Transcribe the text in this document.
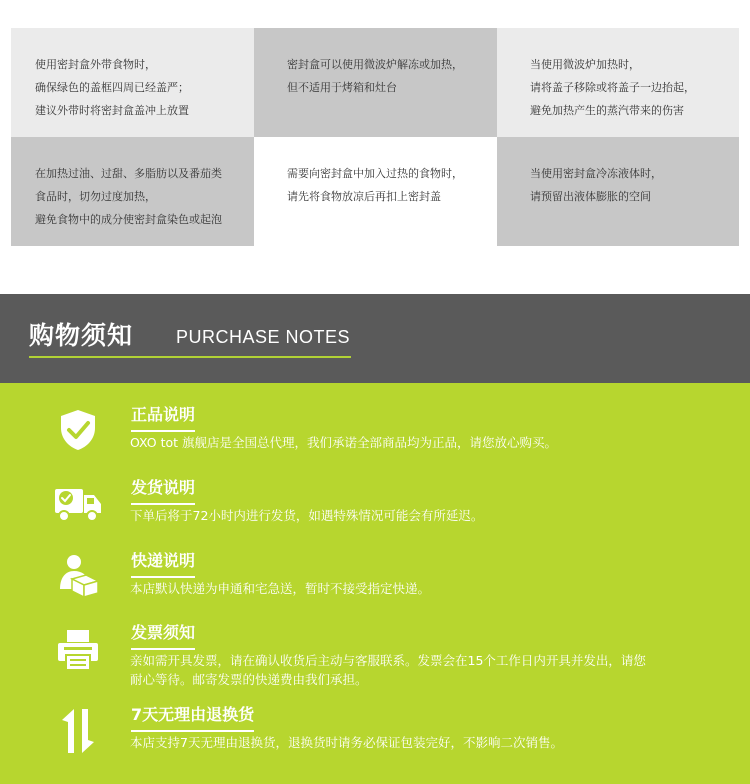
使用密封盒外带食物时，
确保绿色的盖框四周已经盖严；
建议外带时将密封盒盖冲上放置
密封盒可以使用微波炉解冻或加热，
但不适用于烤箱和灶台
当使用微波炉加热时，
请将盖子移除或将盖子一边抬起，
避免加热产生的蒸汽带来的伤害
在加热过油、过甜、多脂肪以及番茄类
食品时，切勿过度加热，
避免食物中的成分使密封盒染色或起泡
需要向密封盒中加入过热的食物时，
请先将食物放凉后再扣上密封盖
当使用密封盒冷冻液体时，
请预留出液体膨胀的空间
购物须知 PURCHASE NOTES
正品说明
OXO tot 旗舰店是全国总代理，我们承诺全部商品均为正品，请您放心购买。
发货说明
下单后将于72小时内进行发货，如遇特殊情况可能会有所延迟。
快递说明
本店默认快递为申通和宅急送，暂时不接受指定快递。
发票须知
亲如需开具发票，请在确认收货后主动与客服联系。发票会在15个工作日内开具并发出，请您
耐心等待。邮寄发票的快递费由我们承担。
7天无理由退换货
本店支持7天无理由退换货，退换货时请务必保证包装完好，不影响二次销售。
